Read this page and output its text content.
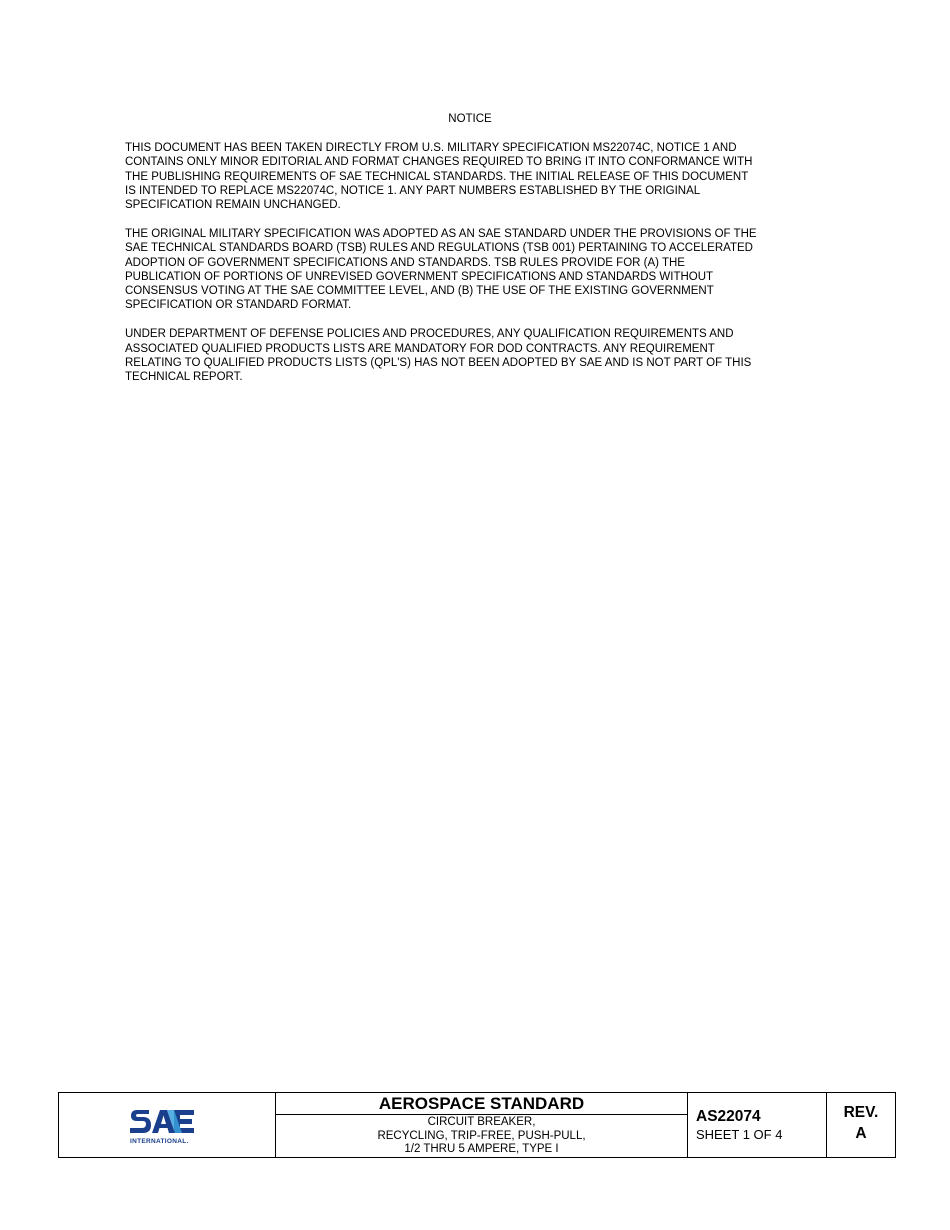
NOTICE

THIS DOCUMENT HAS BEEN TAKEN DIRECTLY FROM U.S. MILITARY SPECIFICATION MS22074C, NOTICE 1 AND
CONTAINS ONLY MINOR EDITORIAL AND FORMAT CHANGES REQUIRED TO BRING IT INTO CONFORMANCE WITH
THE PUBLISHING REQUIREMENTS OF SAE TECHNICAL STANDARDS. THE INITIAL RELEASE OF THIS DOCUMENT
IS INTENDED TO REPLACE MS22074C, NOTICE 1. ANY PART NUMBERS ESTABLISHED BY THE ORIGINAL
SPECIFICATION REMAIN UNCHANGED.

THE ORIGINAL MILITARY SPECIFICATION WAS ADOPTED AS AN SAE STANDARD UNDER THE PROVISIONS OF THE
SAE TECHNICAL STANDARDS BOARD (TSB) RULES AND REGULATIONS (TSB 001) PERTAINING TO ACCELERATED
ADOPTION OF GOVERNMENT SPECIFICATIONS AND STANDARDS. TSB RULES PROVIDE FOR (A) THE
PUBLICATION OF PORTIONS OF UNREVISED GOVERNMENT SPECIFICATIONS AND STANDARDS WITHOUT
CONSENSUS VOTING AT THE SAE COMMITTEE LEVEL, AND (B) THE USE OF THE EXISTING GOVERNMENT
SPECIFICATION OR STANDARD FORMAT.

UNDER DEPARTMENT OF DEFENSE POLICIES AND PROCEDURES, ANY QUALIFICATION REQUIREMENTS AND
ASSOCIATED QUALIFIED PRODUCTS LISTS ARE MANDATORY FOR DOD CONTRACTS. ANY REQUIREMENT
RELATING TO QUALIFIED PRODUCTS LISTS (QPL'S) HAS NOT BEEN ADOPTED BY SAE AND IS NOT PART OF THIS
TECHNICAL REPORT.

INTERNATIONAL.
AEROSPACE STANDARD
CIRCUIT BREAKER,
RECYCLING, TRIP-FREE, PUSH-PULL,
1/2 THRU 5 AMPERE, TYPE I
AS22074
SHEET 1 OF 4
REV.
A
